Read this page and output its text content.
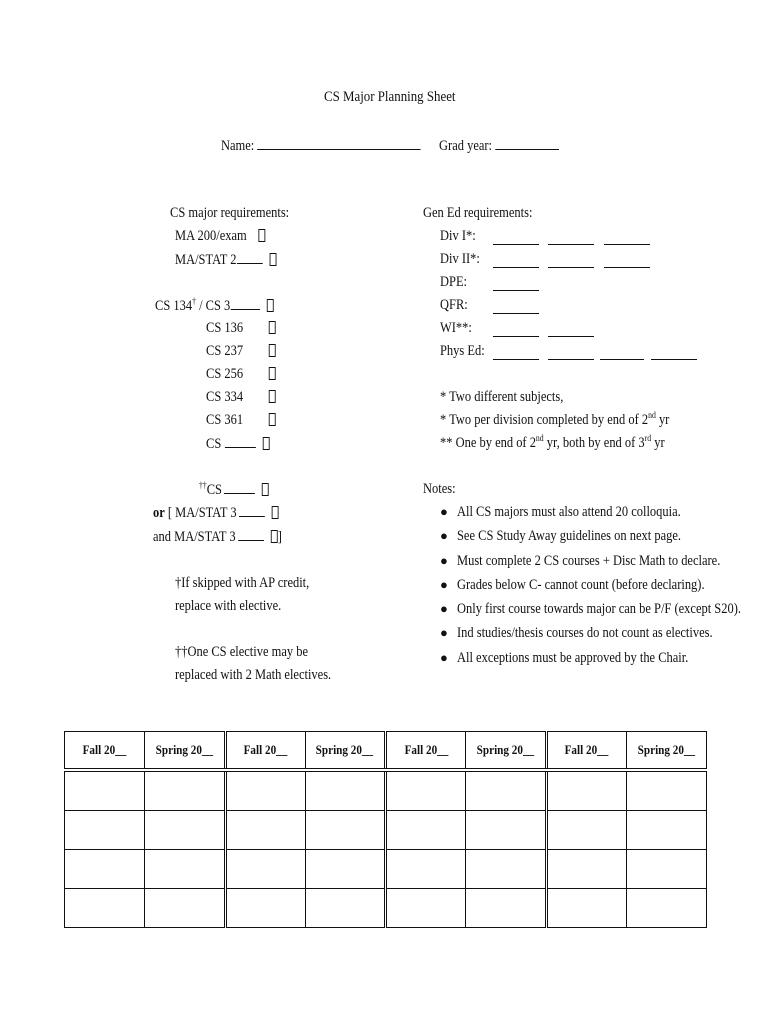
CS Major Planning Sheet
Name:	Grad year:
CS major requirements:
MA 200/exam
MA/STAT 2
CS 134† / CS 3
CS 136
CS 237
CS 256
CS 334
CS 361
CS
††CS
or [ MA/STAT 3
and MA/STAT 3	]
†If skipped with AP credit,
replace with elective.
††One CS elective may be
replaced with 2 Math electives.
Gen Ed requirements:
Div I*:
Div II*:
DPE:
QFR:
WI**:
Phys Ed:
* Two different subjects,
* Two per division completed by end of 2nd yr
** One by end of 2nd yr, both by end of 3rd yr
Notes:
● All CS majors must also attend 20 colloquia.
● See CS Study Away guidelines on next page.
● Must complete 2 CS courses + Disc Math to declare.
● Grades below C- cannot count (before declaring).
● Only first course towards major can be P/F (except S20).
● Ind studies/thesis courses do not count as electives.
● All exceptions must be approved by the Chair.
Fall 20__	Spring 20__	Fall 20__	Spring 20__	Fall 20__	Spring 20__	Fall 20__	Spring 20__
